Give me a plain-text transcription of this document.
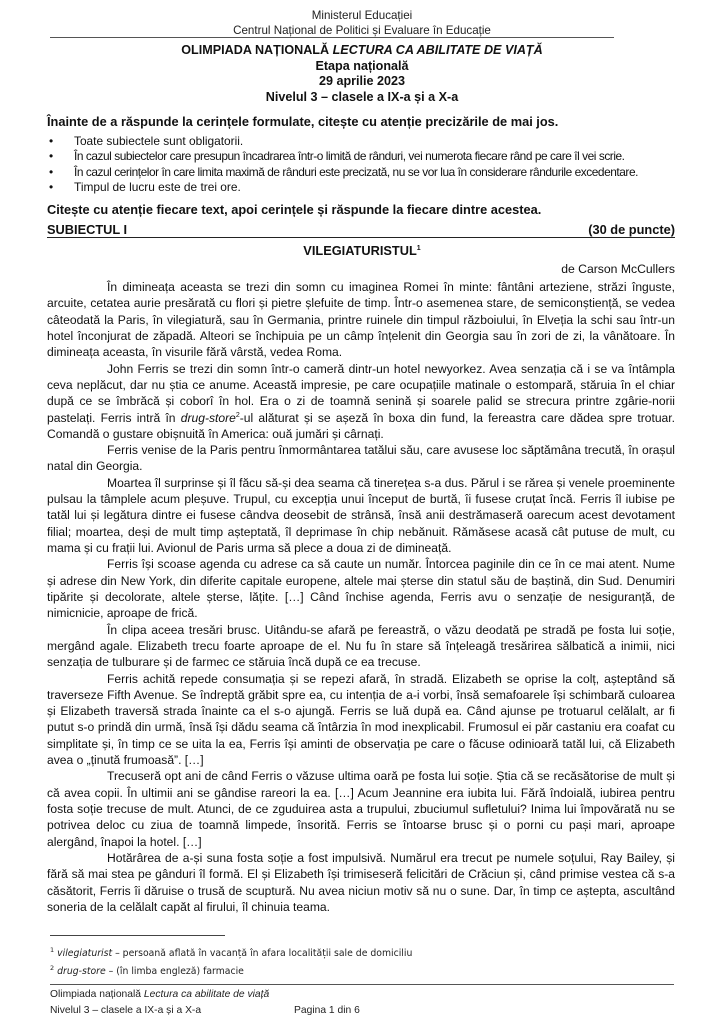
Ministerul Educației
Centrul Național de Politici și Evaluare în Educație
OLIMPIADA NAȚIONALĂ LECTURA CA ABILITATE DE VIAȚĂ
Etapa națională
29 aprilie 2023
Nivelul 3 – clasele a IX-a și a X-a
Înainte de a răspunde la cerințele formulate, citește cu atenție precizările de mai jos.
• Toate subiectele sunt obligatorii.
• În cazul subiectelor care presupun încadrarea într-o limită de rânduri, vei numerota fiecare rând pe care îl vei scrie.
• În cazul cerințelor în care limita maximă de rânduri este precizată, nu se vor lua în considerare rândurile excedentare.
• Timpul de lucru este de trei ore.
Citește cu atenție fiecare text, apoi cerințele și răspunde la fiecare dintre acestea.
SUBIECTUL I	(30 de puncte)
VILEGIATURISTUL$^1$
de Carson McCullers

În dimineața aceasta se trezi din somn cu imaginea Romei în minte: fântâni arteziene, străzi înguste, arcuite, cetatea aurie presărată cu flori și pietre șlefuite de timp. Într-o asemenea stare, de semiconștiență, se vedea câteodată la Paris, în vilegiatură, sau în Germania, printre ruinele din timpul războiului, în Elveția la schi sau într-un hotel înconjurat de zăpadă. Alteori se închipuia pe un câmp înțelenit din Georgia sau în zori de zi, la vânătoare. În dimineața aceasta, în visurile fără vârstă, vedea Roma.

John Ferris se trezi din somn într-o cameră dintr-un hotel newyorkez. Avea senzația că i se va întâmpla ceva neplăcut, dar nu știa ce anume. Această impresie, pe care ocupațiile matinale o estompară, stăruia în el chiar după ce se îmbrăcă și coborî în hol. Era o zi de toamnă senină și soarele palid se strecura printre zgârie-norii pastelați. Ferris intră în drug-store$^2$-ul alăturat și se așeză în boxa din fund, la fereastra care dădea spre trotuar. Comandă o gustare obișnuită în America: ouă jumări și cârnați.

Ferris venise de la Paris pentru înmormântarea tatălui său, care avusese loc săptămâna trecută, în orașul natal din Georgia.

Moartea îl surprinse și îl făcu să-și dea seama că tinerețea s-a dus. Părul i se rărea și venele proeminente pulsau la tâmplele acum pleșuve. Trupul, cu excepția unui început de burtă, îi fusese cruțat încă. Ferris îl iubise pe tatăl lui și legătura dintre ei fusese cândva deosebit de strânsă, însă anii destrămaseră oarecum acest devotament filial; moartea, deși de mult timp așteptată, îl deprimase în chip nebănuit. Rămăsese acasă cât putuse de mult, cu mama și cu frații lui. Avionul de Paris urma să plece a doua zi de dimineață.

Ferris își scoase agenda cu adrese ca să caute un număr. Întorcea paginile din ce în ce mai atent. Nume și adrese din New York, din diferite capitale europene, altele mai șterse din statul său de baștină, din Sud. Denumiri tipărite și decolorate, altele șterse, lățite. […] Când închise agenda, Ferris avu o senzație de nesiguranță, de nimicnicie, aproape de frică.

În clipa aceea tresări brusc. Uitându-se afară pe fereastră, o văzu deodată pe stradă pe fosta lui soție, mergând agale. Elizabeth trecu foarte aproape de el. Nu fu în stare să înțeleagă tresărirea sălbatică a inimii, nici senzația de tulburare și de farmec ce stăruia încă după ce ea trecuse.

Ferris achită repede consumația și se repezi afară, în stradă. Elizabeth se oprise la colț, așteptând să traverseze Fifth Avenue. Se îndreptă grăbit spre ea, cu intenția de a-i vorbi, însă semafoarele își schimbară culoarea și Elizabeth traversă strada înainte ca el s-o ajungă. Ferris se luă după ea. Când ajunse pe trotuarul celălalt, ar fi putut s-o prindă din urmă, însă își dădu seama că întârzia în mod inexplicabil. Frumosul ei păr castaniu era coafat cu simplitate și, în timp ce se uita la ea, Ferris își aminti de observația pe care o făcuse odinioară tatăl lui, că Elizabeth avea o „ținută frumoasă”. […]

Trecuseră opt ani de când Ferris o văzuse ultima oară pe fosta lui soție. Știa că se recăsătorise de mult și că avea copii. În ultimii ani se gândise rareori la ea. […] Acum Jeannine era iubita lui. Fără îndoială, iubirea pentru fosta soție trecuse de mult. Atunci, de ce zguduirea asta a trupului, zbuciumul sufletului? Inima lui împovărată nu se potrivea deloc cu ziua de toamnă limpede, însorită. Ferris se întoarse brusc și o porni cu pași mari, aproape alergând, înapoi la hotel. […]

Hotărârea de a-și suna fosta soție a fost impulsivă. Numărul era trecut pe numele soțului, Ray Bailey, și fără să mai stea pe gânduri îl formă. El și Elizabeth își trimiseseră felicitări de Crăciun și, când primise vestea că s-a căsătorit, Ferris îi dăruise o trusă de scuptură. Nu avea niciun motiv să nu o sune. Dar, în timp ce aștepta, ascultând soneria de la celălalt capăt al firului, îl chinuia teama.

$^1$ vilegiaturist – persoană aflată în vacanță în afara localității sale de domiciliu
$^2$ drug-store – (în limba engleză) farmacie
Olimpiada națională Lectura ca abilitate de viață
Nivelul 3 – clasele a IX-a și a X-a	Pagina 1 din 6
